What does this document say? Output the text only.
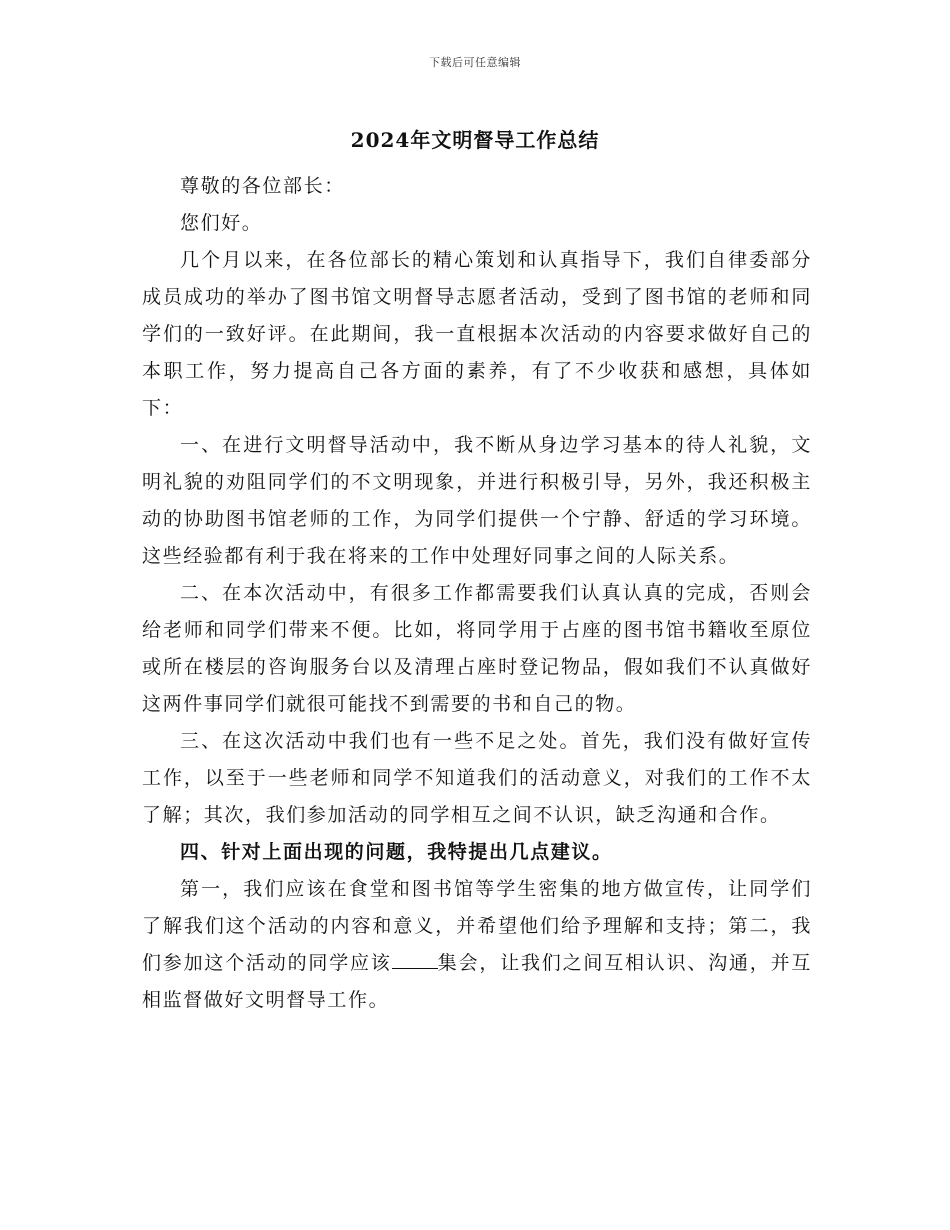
下载后可任意编辑
2024年文明督导工作总结

尊敬的各位部长：

您们好。

几个月以来，在各位部长的精心策划和认真指导下，我们自律委部分成员成功的举办了图书馆文明督导志愿者活动，受到了图书馆的老师和同学们的一致好评。在此期间，我一直根据本次活动的内容要求做好自己的本职工作，努力提高自己各方面的素养，有了不少收获和感想，具体如下：

一、在进行文明督导活动中，我不断从身边学习基本的待人礼貌，文明礼貌的劝阻同学们的不文明现象，并进行积极引导，另外，我还积极主动的协助图书馆老师的工作，为同学们提供一个宁静、舒适的学习环境。这些经验都有利于我在将来的工作中处理好同事之间的人际关系。

二、在本次活动中，有很多工作都需要我们认真认真的完成，否则会给老师和同学们带来不便。比如，将同学用于占座的图书馆书籍收至原位或所在楼层的咨询服务台以及清理占座时登记物品，假如我们不认真做好这两件事同学们就很可能找不到需要的书和自己的物。

三、在这次活动中我们也有一些不足之处。首先，我们没有做好宣传工作，以至于一些老师和同学不知道我们的活动意义，对我们的工作不太了解；其次，我们参加活动的同学相互之间不认识，缺乏沟通和合作。

四、针对上面出现的问题，我特提出几点建议。

第一，我们应该在食堂和图书馆等学生密集的地方做宣传，让同学们了解我们这个活动的内容和意义，并希望他们给予理解和支持；第二，我们参加这个活动的同学应该 集会，让我们之间互相认识、沟通，并互相监督做好文明督导工作。
